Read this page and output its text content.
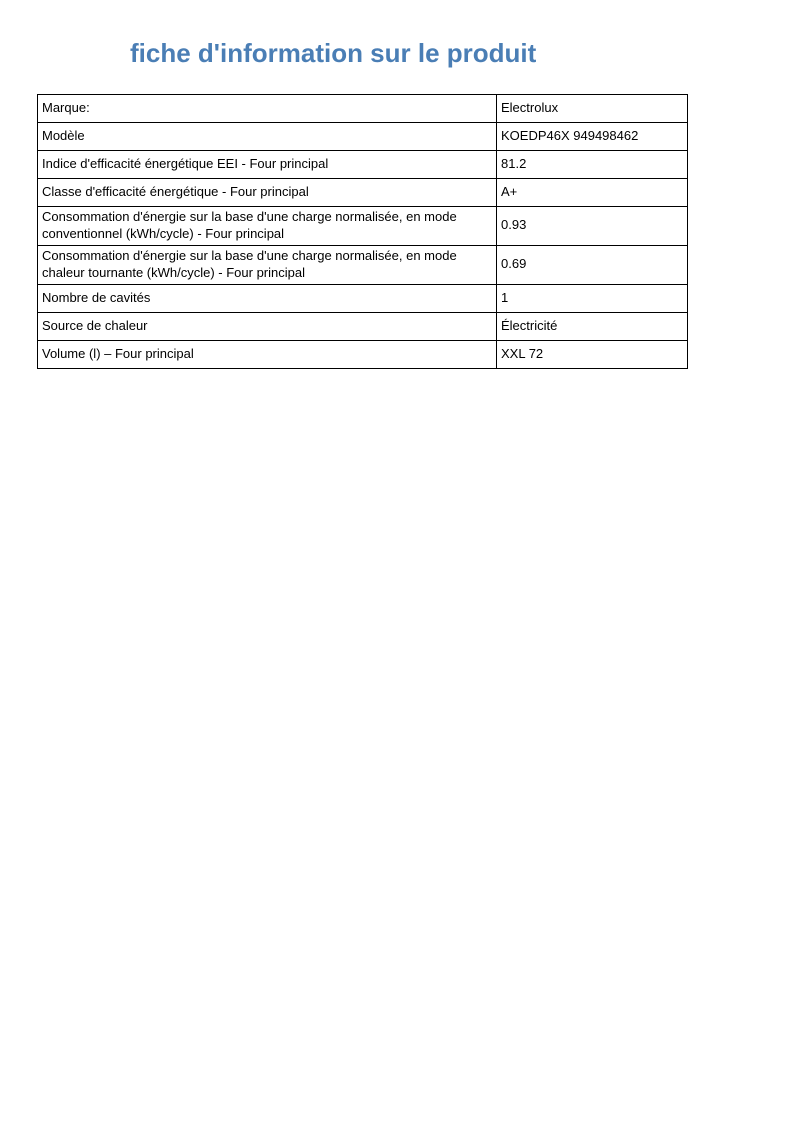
fiche d'information sur le produit
Marque:	Electrolux
Modèle	KOEDP46X 949498462
Indice d'efficacité énergétique EEI - Four principal	81.2
Classe d'efficacité énergétique - Four principal	A+
Consommation d'énergie sur la base d'une charge normalisée, en mode conventionnel (kWh/cycle) - Four principal	0.93
Consommation d'énergie sur la base d'une charge normalisée, en mode chaleur tournante (kWh/cycle) - Four principal	0.69
Nombre de cavités	1
Source de chaleur	Électricité
Volume (l) – Four principal	XXL 72
